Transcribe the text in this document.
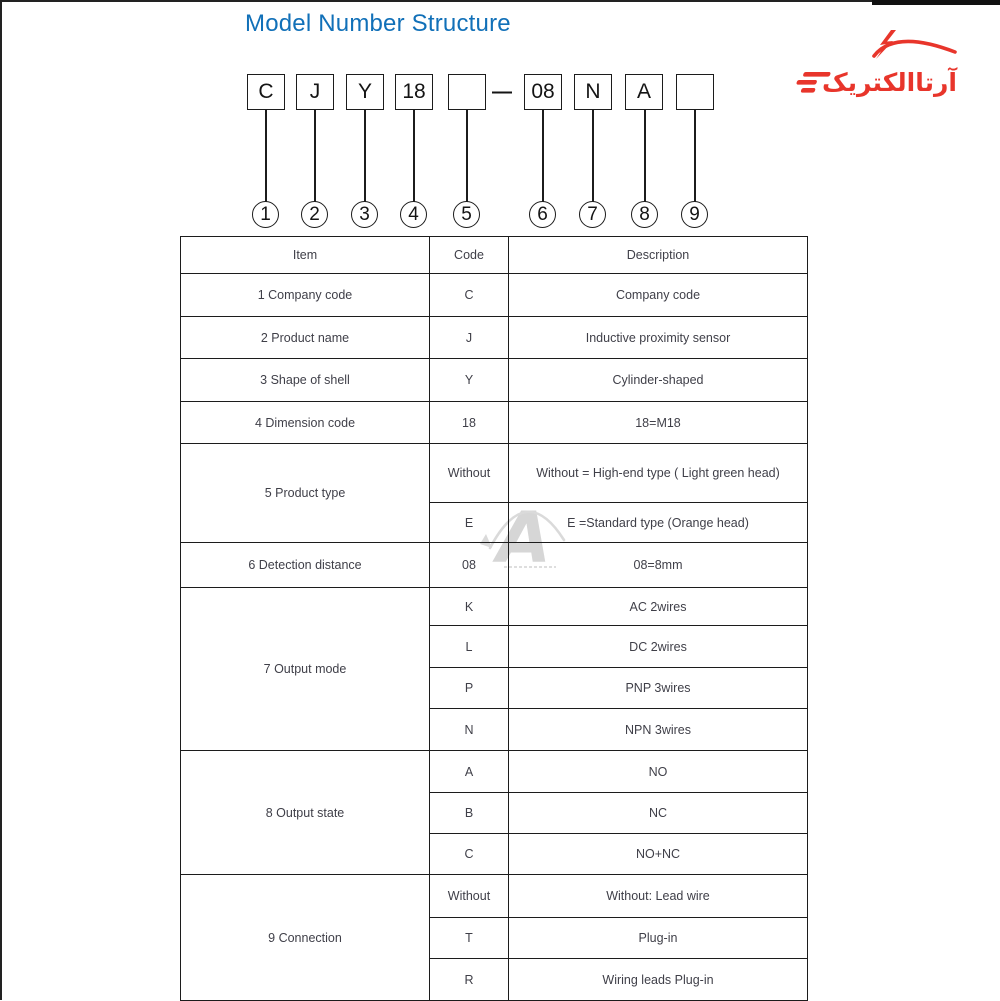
Model Number Structure
آرتاالکتریک
C	J	Y	18	— 08	N	A
1	2	3	4	5	6	7	8	9
A
Item	Code	Description
1 Company code	C	Company code
2 Product name	J	Inductive proximity sensor
3 Shape of shell	Y	Cylinder-shaped
4 Dimension code	18	18=M18
5 Product type	Without	Without = High-end type ( Light green head)
	E	E =Standard type (Orange head)
6 Detection distance	08	08=8mm
7 Output mode	K	AC 2wires
	L	DC 2wires
	P	PNP 3wires
	N	NPN 3wires
8 Output state	A	NO
	B	NC
	C	NO+NC
9 Connection	Without	Without: Lead wire
	T	Plug-in
	R	Wiring leads Plug-in
